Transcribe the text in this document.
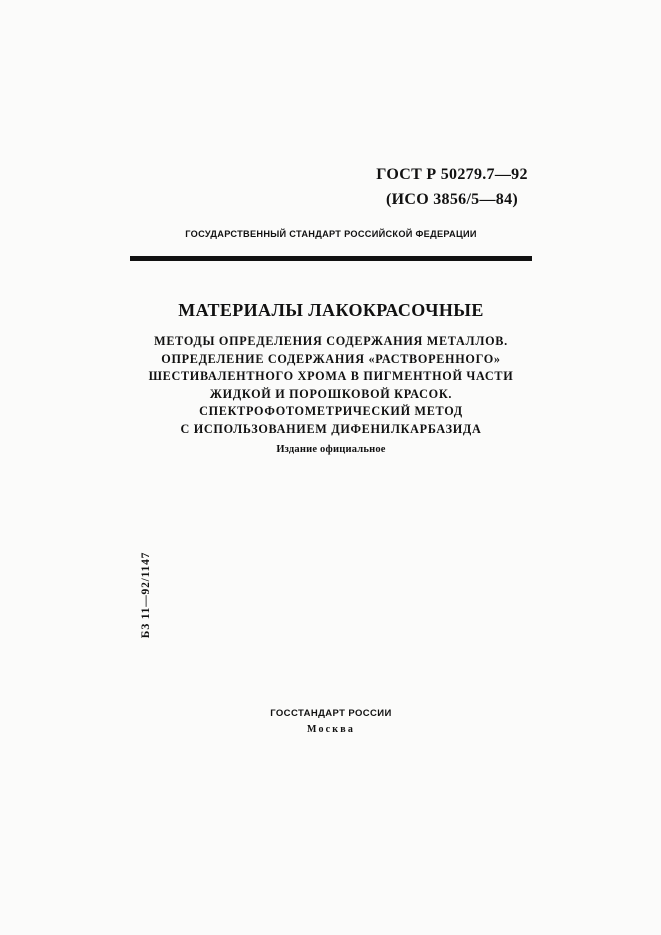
ГОСТ Р 50279.7—92
(ИСО 3856/5—84)
ГОСУДАРСТВЕННЫЙ СТАНДАРТ РОССИЙСКОЙ ФЕДЕРАЦИИ
МАТЕРИАЛЫ ЛАКОКРАСОЧНЫЕ
МЕТОДЫ ОПРЕДЕЛЕНИЯ СОДЕРЖАНИЯ МЕТАЛЛОВ.
ОПРЕДЕЛЕНИЕ СОДЕРЖАНИЯ «РАСТВОРЕННОГО»
ШЕСТИВАЛЕНТНОГО ХРОМА В ПИГМЕНТНОЙ ЧАСТИ
ЖИДКОЙ И ПОРОШКОВОЙ КРАСОК.
СПЕКТРОФОТОМЕТРИЧЕСКИЙ МЕТОД
С ИСПОЛЬЗОВАНИЕМ ДИФЕНИЛКАРБАЗИДА
Издание официальное
БЗ 11—92/1147
ГОССТАНДАРТ РОССИИ
Москва
